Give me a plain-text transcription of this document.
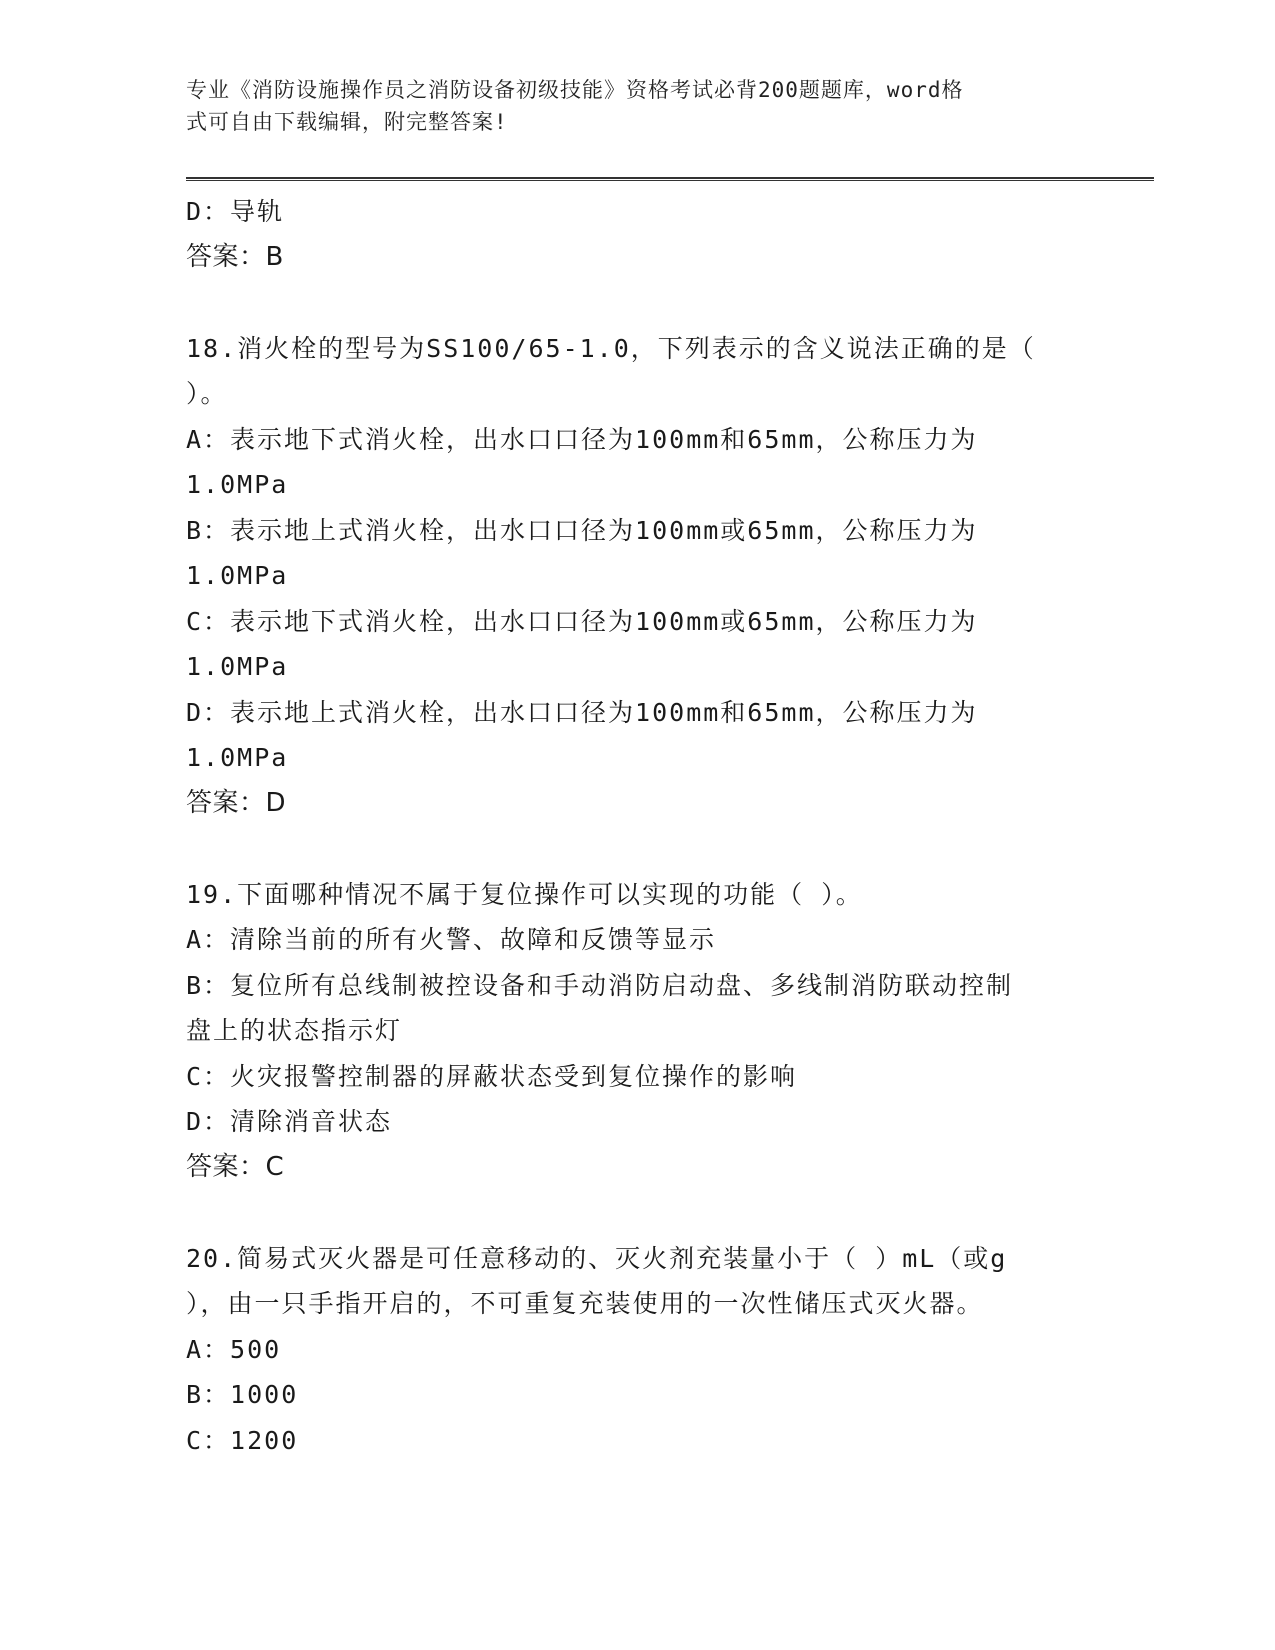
专业《消防设施操作员之消防设备初级技能》资格考试必背200题题库，word格
式可自由下载编辑，附完整答案!
D：导轨
答案：B
18.消火栓的型号为SS100/65-1.0，下列表示的含义说法正确的是（
）。
A：表示地下式消火栓，出水口口径为100mm和65mm，公称压力为
1.0MPa
B：表示地上式消火栓，出水口口径为100mm或65mm，公称压力为
1.0MPa
C：表示地下式消火栓，出水口口径为100mm或65mm，公称压力为
1.0MPa
D：表示地上式消火栓，出水口口径为100mm和65mm，公称压力为
1.0MPa
答案：D
19.下面哪种情况不属于复位操作可以实现的功能（ ）。
A：清除当前的所有火警、故障和反馈等显示
B：复位所有总线制被控设备和手动消防启动盘、多线制消防联动控制
盘上的状态指示灯
C：火灾报警控制器的屏蔽状态受到复位操作的影响
D：清除消音状态
答案：C
20.简易式灭火器是可任意移动的、灭火剂充装量小于（ ）mL（或g
），由一只手指开启的，不可重复充装使用的一次性储压式灭火器。
A：500
B：1000
C：1200
